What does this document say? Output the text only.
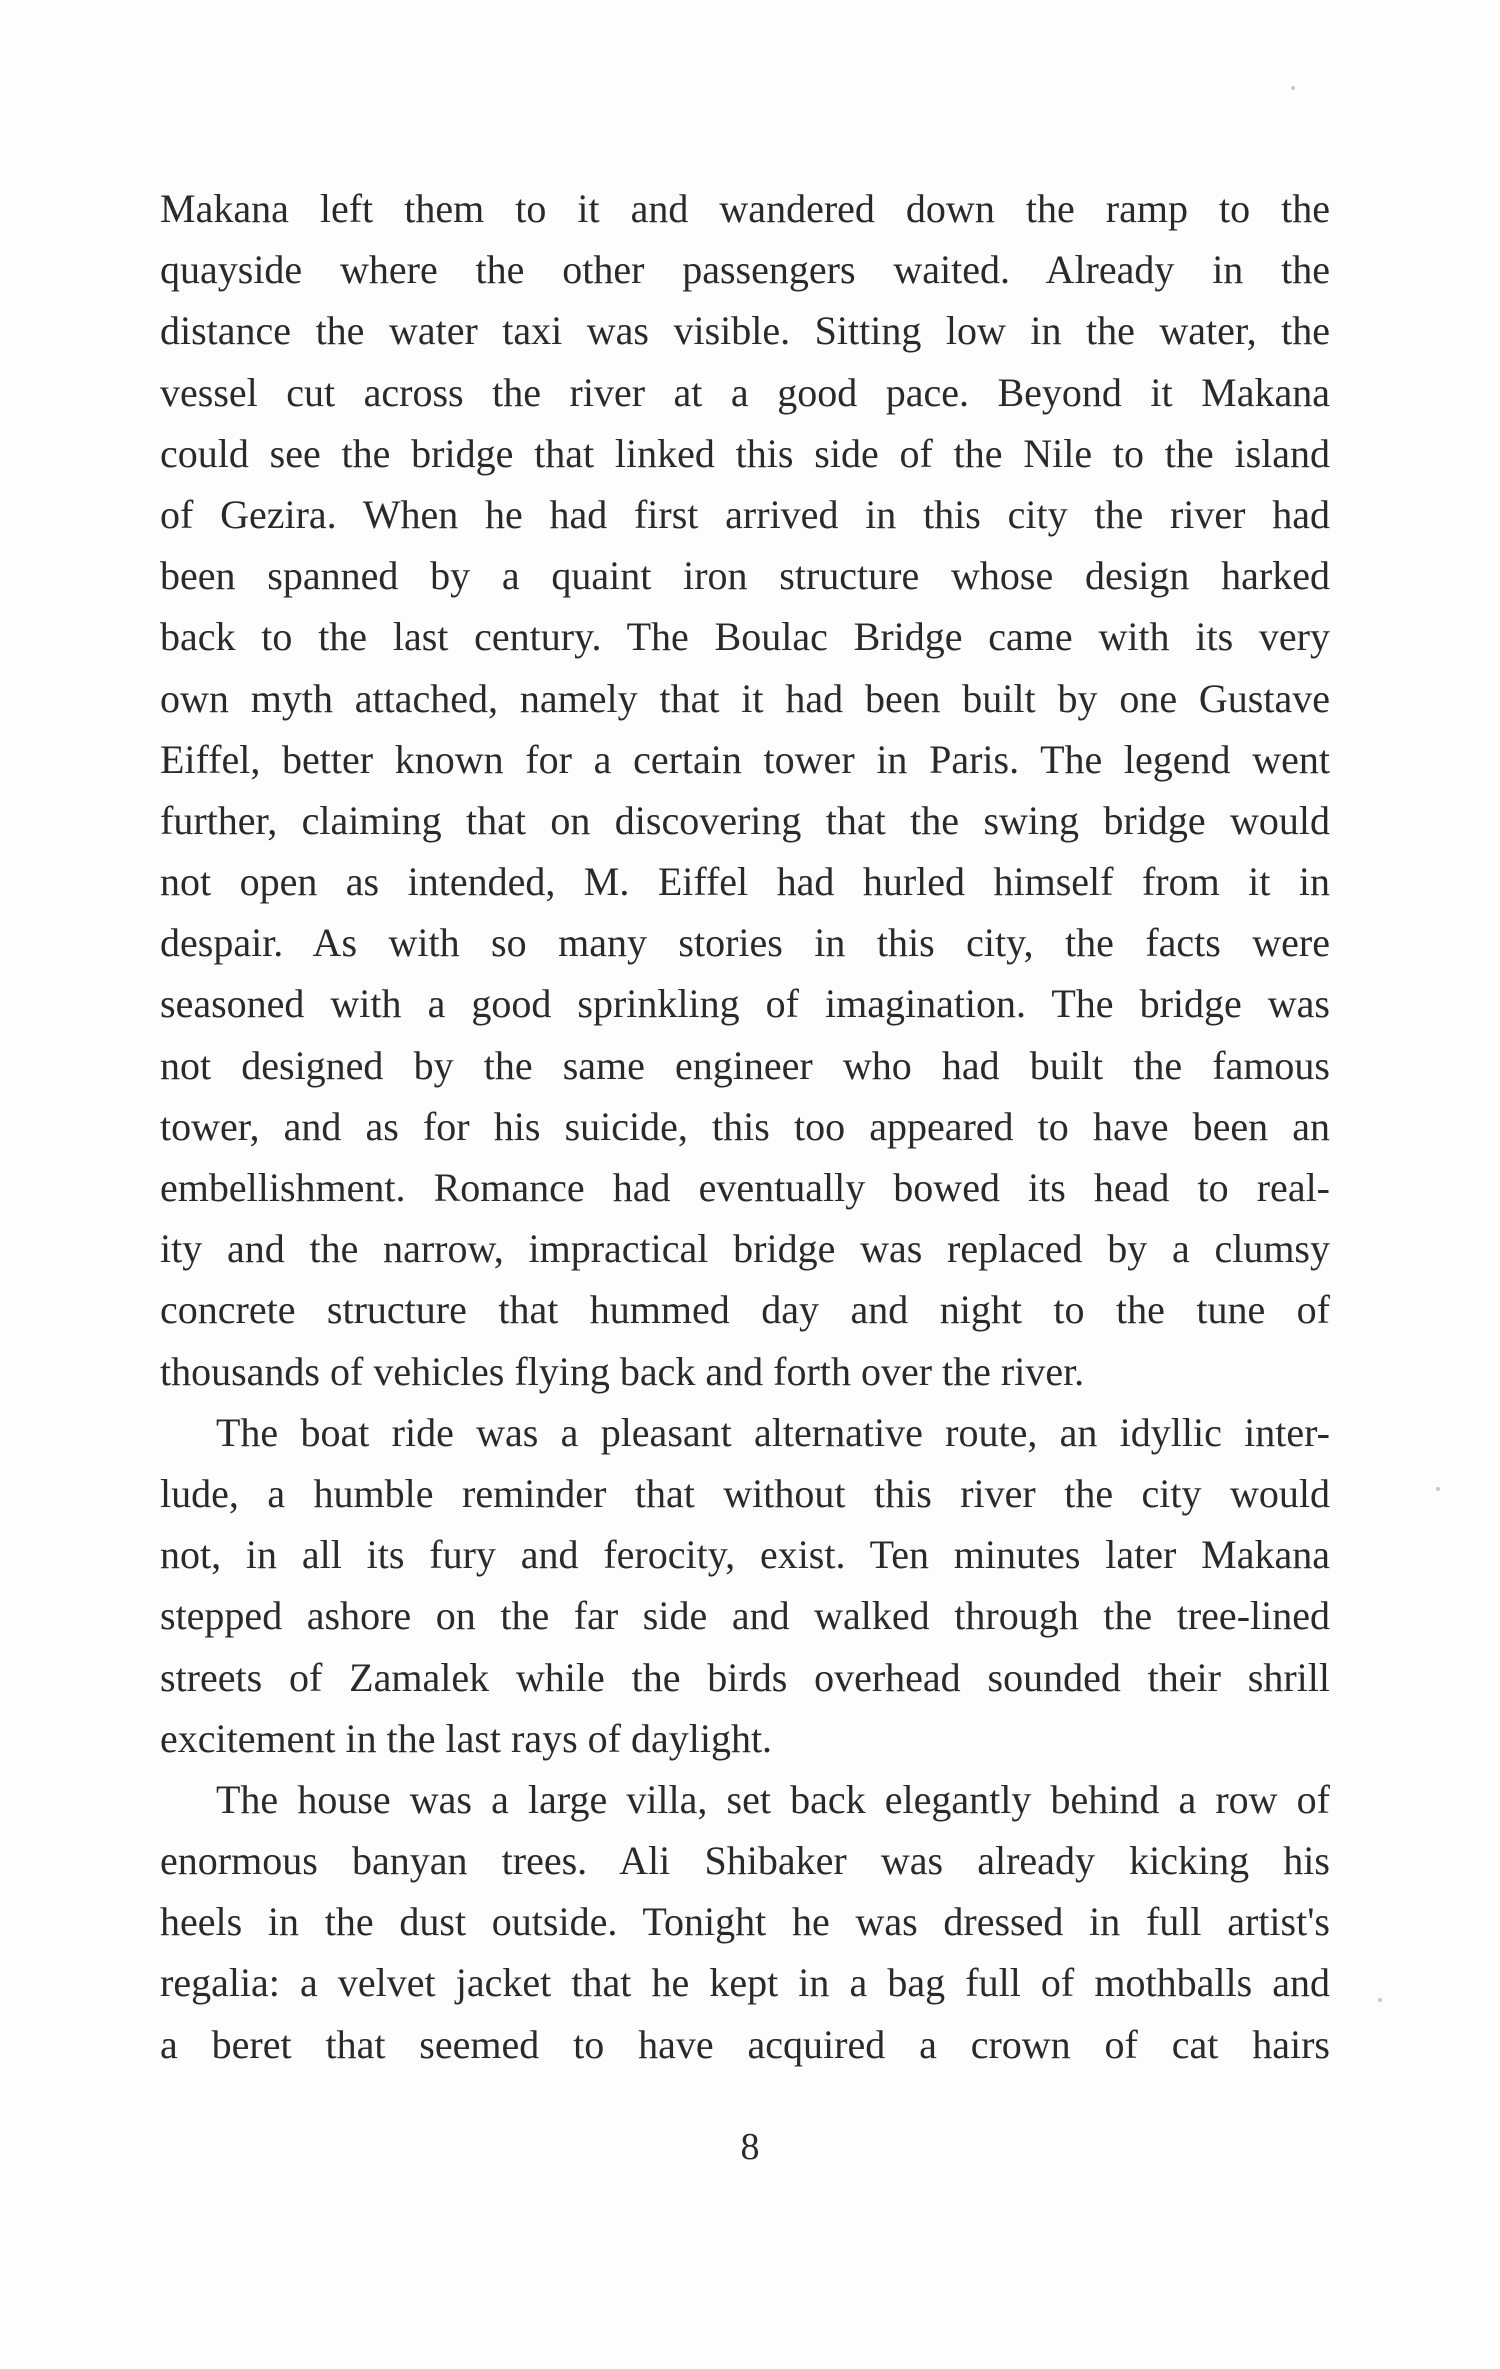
Makana left them to it and wandered down the ramp to the
quayside where the other passengers waited. Already in the
distance the water taxi was visible. Sitting low in the water, the
vessel cut across the river at a good pace. Beyond it Makana
could see the bridge that linked this side of the Nile to the island
of Gezira. When he had first arrived in this city the river had
been spanned by a quaint iron structure whose design harked
back to the last century. The Boulac Bridge came with its very
own myth attached, namely that it had been built by one Gustave
Eiffel, better known for a certain tower in Paris. The legend went
further, claiming that on discovering that the swing bridge would
not open as intended, M. Eiffel had hurled himself from it in
despair. As with so many stories in this city, the facts were
seasoned with a good sprinkling of imagination. The bridge was
not designed by the same engineer who had built the famous
tower, and as for his suicide, this too appeared to have been an
embellishment. Romance had eventually bowed its head to real-
ity and the narrow, impractical bridge was replaced by a clumsy
concrete structure that hummed day and night to the tune of
thousands of vehicles flying back and forth over the river.
The boat ride was a pleasant alternative route, an idyllic inter-
lude, a humble reminder that without this river the city would
not, in all its fury and ferocity, exist. Ten minutes later Makana
stepped ashore on the far side and walked through the tree-lined
streets of Zamalek while the birds overhead sounded their shrill
excitement in the last rays of daylight.
The house was a large villa, set back elegantly behind a row of
enormous banyan trees. Ali Shibaker was already kicking his
heels in the dust outside. Tonight he was dressed in full artist's
regalia: a velvet jacket that he kept in a bag full of mothballs and
a beret that seemed to have acquired a crown of cat hairs
8
